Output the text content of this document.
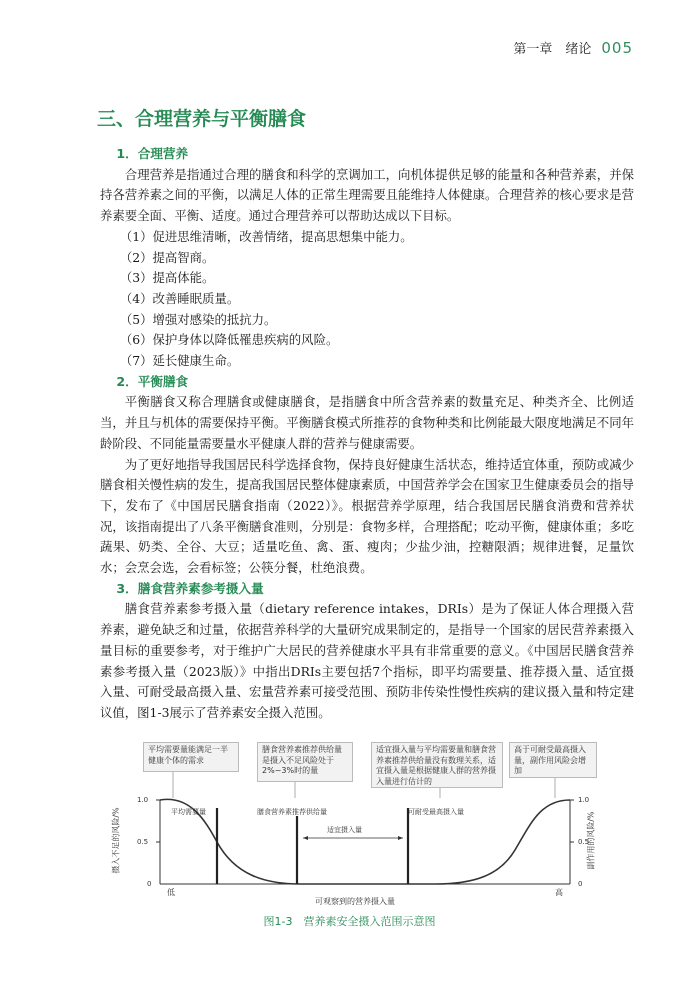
第一章　绪论 005
三、合理营养与平衡膳食

1．合理营养

合理营养是指通过合理的膳食和科学的烹调加工，向机体提供足够的能量和各种营养素，并保持各营养素之间的平衡，以满足人体的正常生理需要且能维持人体健康。合理营养的核心要求是营养素要全面、平衡、适度。通过合理营养可以帮助达成以下目标。

（1）促进思维清晰，改善情绪，提高思想集中能力。

（2）提高智商。

（3）提高体能。

（4）改善睡眠质量。

（5）增强对感染的抵抗力。

（6）保护身体以降低罹患疾病的风险。

（7）延长健康生命。

2．平衡膳食

平衡膳食又称合理膳食或健康膳食，是指膳食中所含营养素的数量充足、种类齐全、比例适当，并且与机体的需要保持平衡。平衡膳食模式所推荐的食物种类和比例能最大限度地满足不同年龄阶段、不同能量需要量水平健康人群的营养与健康需要。

为了更好地指导我国居民科学选择食物，保持良好健康生活状态，维持适宜体重，预防或减少膳食相关慢性病的发生，提高我国居民整体健康素质，中国营养学会在国家卫生健康委员会的指导下，发布了《中国居民膳食指南（2022）》。根据营养学原理，结合我国居民膳食消费和营养状况，该指南提出了八条平衡膳食准则，分别是：食物多样，合理搭配；吃动平衡，健康体重；多吃蔬果、奶类、全谷、大豆；适量吃鱼、禽、蛋、瘦肉；少盐少油，控糖限酒；规律进餐，足量饮水；会烹会选，会看标签；公筷分餐，杜绝浪费。

3．膳食营养素参考摄入量

膳食营养素参考摄入量（dietary reference intakes，DRIs）是为了保证人体合理摄入营养素，避免缺乏和过量，依据营养科学的大量研究成果制定的，是指导一个国家的居民营养素摄入量目标的重要参考，对于维护广大居民的营养健康水平具有非常重要的意义。《中国居民膳食营养素参考摄入量（2023版）》中指出DRIs主要包括7个指标，即平均需要量、推荐摄入量、适宜摄入量、可耐受最高摄入量、宏量营养素可接受范围、预防非传染性慢性疾病的建议摄入量和特定建议值，图1-3展示了营养素安全摄入范围。

平均需要量能满足一半健康个体的需求
膳食营养素推荐供给量是摄入不足风险处于2%~3%时的量
适宜摄入量与平均需要量和膳食营养素推荐供给量没有数理关系，适宜摄入量是根据健康人群的营养摄入量进行估计的
高于可耐受最高摄入量，副作用风险会增加
平均需要量	膳食营养素推荐供给量
适宜摄入量
可耐受最高摄入量
1.0
0.5
0
1.0
0.5
0
摄入不足的风险/%	副作用的风险/%
低	高
可观察到的营养摄入量
图1-3　营养素安全摄入范围示意图
